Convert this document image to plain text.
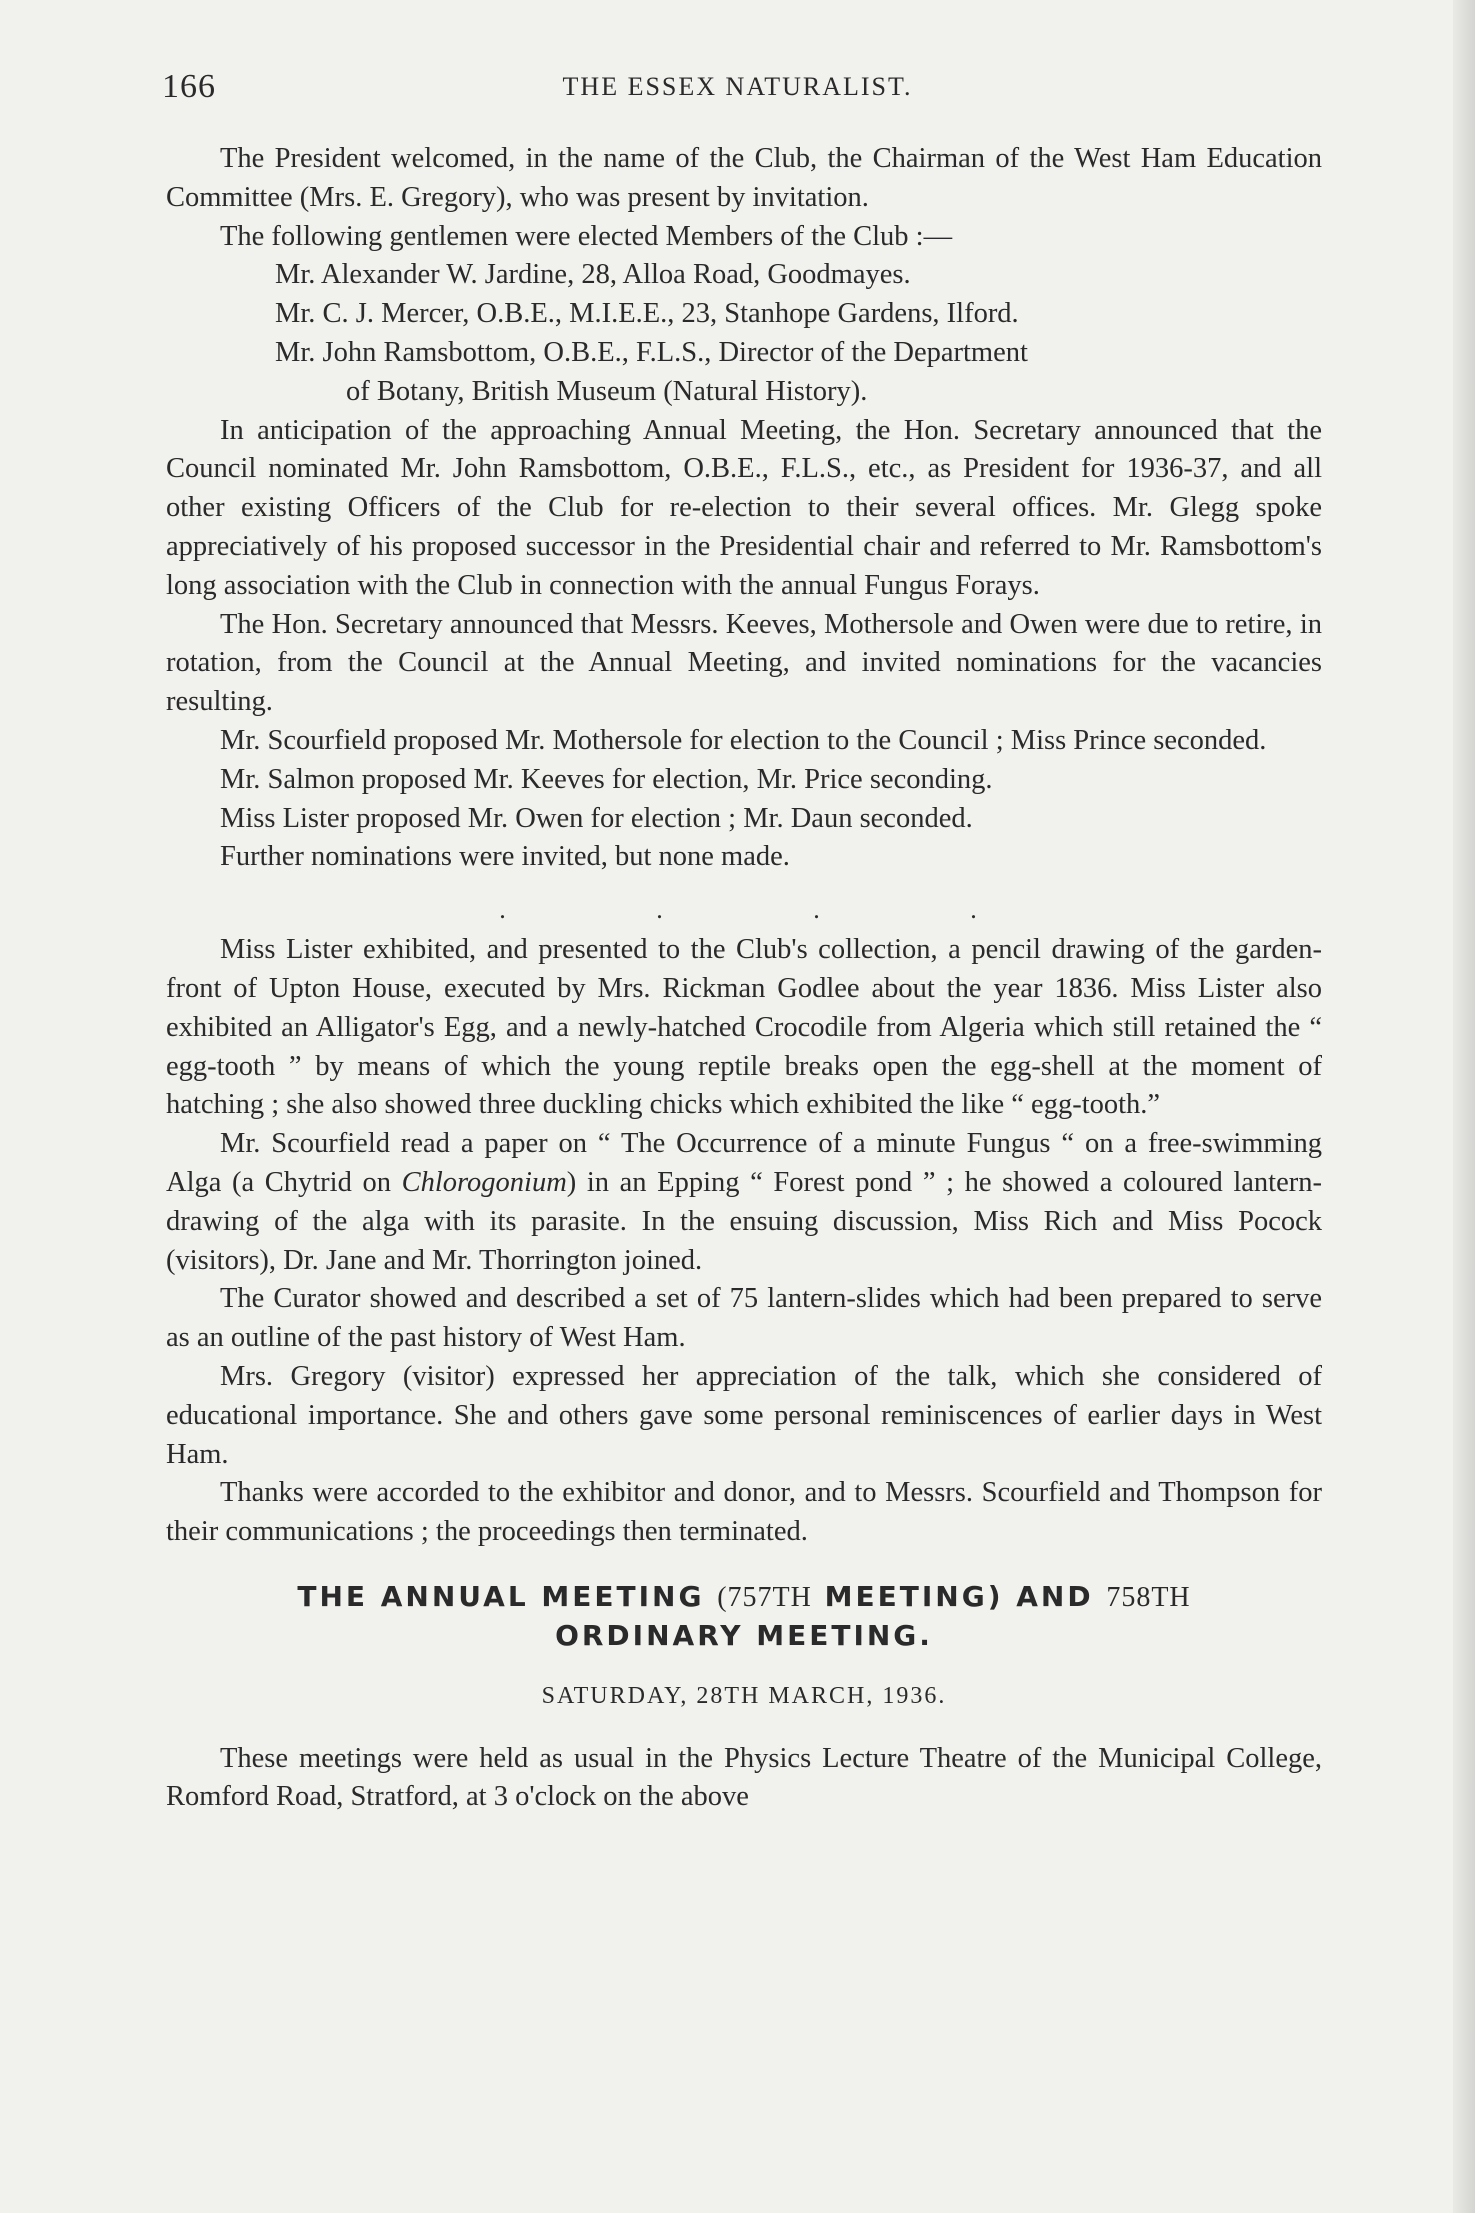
166	THE ESSEX NATURALIST.

The President welcomed, in the name of the Club, the Chairman of the West Ham Education Committee (Mrs. E. Gregory), who was present by invitation.

The following gentlemen were elected Members of the Club :—

Mr. Alexander W. Jardine, 28, Alloa Road, Goodmayes.

Mr. C. J. Mercer, O.B.E., M.I.E.E., 23, Stanhope Gardens, Ilford.

Mr. John Ramsbottom, O.B.E., F.L.S., Director of the Department
of Botany, British Museum (Natural History).

In anticipation of the approaching Annual Meeting, the Hon. Secretary announced that the Council nominated Mr. John Ramsbottom, O.B.E., F.L.S., etc., as President for 1936-37, and all other existing Officers of the Club for re-election to their several offices. Mr. Glegg spoke appreciatively of his proposed successor in the Presidential chair and referred to Mr. Ramsbottom's long association with the Club in connection with the annual Fungus Forays.

The Hon. Secretary announced that Messrs. Keeves, Mothersole and Owen were due to retire, in rotation, from the Council at the Annual Meeting, and invited nominations for the vacancies resulting.

Mr. Scourfield proposed Mr. Mothersole for election to the Council ; Miss Prince seconded.

Mr. Salmon proposed Mr. Keeves for election, Mr. Price seconding.

Miss Lister proposed Mr. Owen for election ; Mr. Daun seconded.

Further nominations were invited, but none made.

. . . .

Miss Lister exhibited, and presented to the Club's collection, a pencil drawing of the garden-front of Upton House, executed by Mrs. Rickman Godlee about the year 1836. Miss Lister also exhibited an Alligator's Egg, and a newly-hatched Crocodile from Algeria which still retained the “ egg-tooth ” by means of which the young reptile breaks open the egg-shell at the moment of hatching ; she also showed three duckling chicks which exhibited the like “ egg-tooth.”

Mr. Scourfield read a paper on “ The Occurrence of a minute Fungus “ on a free-swimming Alga (a Chytrid on Chlorogonium) in an Epping “ Forest pond ” ; he showed a coloured lantern-drawing of the alga with its parasite. In the ensuing discussion, Miss Rich and Miss Pocock (visitors), Dr. Jane and Mr. Thorrington joined.

The Curator showed and described a set of 75 lantern-slides which had been prepared to serve as an outline of the past history of West Ham.

Mrs. Gregory (visitor) expressed her appreciation of the talk, which she considered of educational importance. She and others gave some personal reminiscences of earlier days in West Ham.

Thanks were accorded to the exhibitor and donor, and to Messrs. Scourfield and Thompson for their communications ; the proceedings then terminated.

THE ANNUAL MEETING (757TH MEETING) AND 758TH
ORDINARY MEETING.
SATURDAY, 28TH MARCH, 1936.

These meetings were held as usual in the Physics Lecture Theatre of the Municipal College, Romford Road, Stratford, at 3 o'clock on the above
